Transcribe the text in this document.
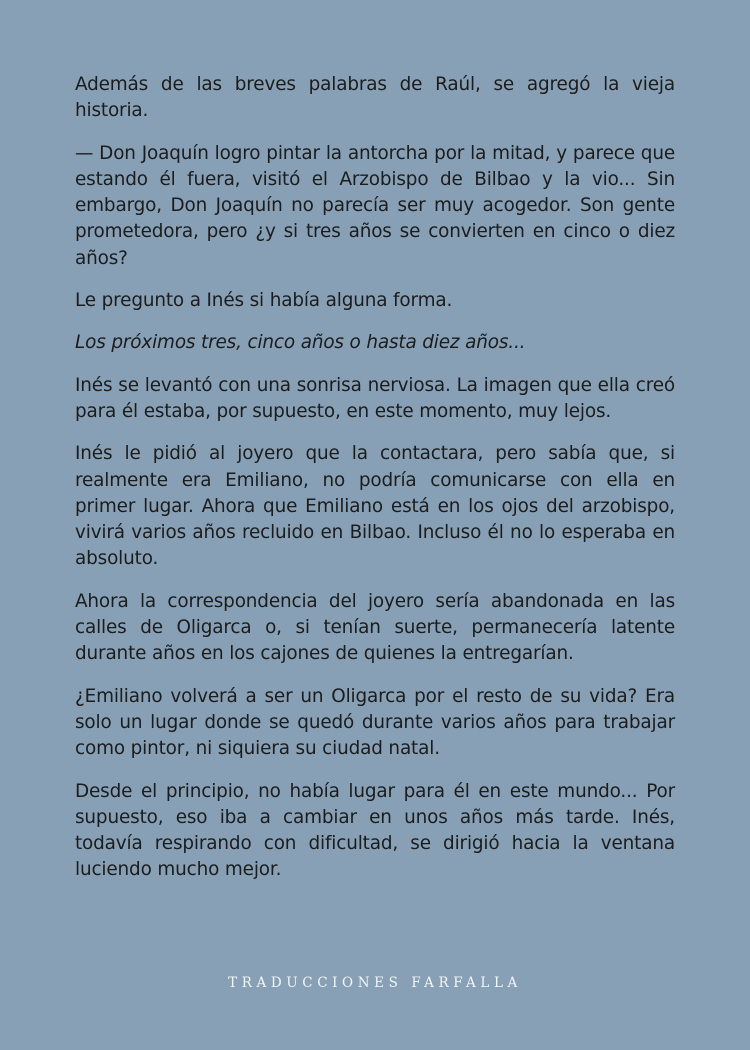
Además de las breves palabras de Raúl, se agregó la vieja historia.

— Don Joaquín logro pintar la antorcha por la mitad, y parece que estando él fuera, visitó el Arzobispo de Bilbao y la vio... Sin embargo, Don Joaquín no parecía ser muy acogedor. Son gente prometedora, pero ¿y si tres años se convierten en cinco o diez años?

Le pregunto a Inés si había alguna forma.

Los próximos tres, cinco años o hasta diez años...

Inés se levantó con una sonrisa nerviosa. La imagen que ella creó para él estaba, por supuesto, en este momento, muy lejos.

Inés le pidió al joyero que la contactara, pero sabía que, si realmente era Emiliano, no podría comunicarse con ella en primer lugar. Ahora que Emiliano está en los ojos del arzobispo, vivirá varios años recluido en Bilbao. Incluso él no lo esperaba en absoluto.

Ahora la correspondencia del joyero sería abandonada en las calles de Oligarca o, si tenían suerte, permanecería latente durante años en los cajones de quienes la entregarían.

¿Emiliano volverá a ser un Oligarca por el resto de su vida? Era solo un lugar donde se quedó durante varios años para trabajar como pintor, ni siquiera su ciudad natal.

Desde el principio, no había lugar para él en este mundo... Por supuesto, eso iba a cambiar en unos años más tarde. Inés, todavía respirando con dificultad, se dirigió hacia la ventana luciendo mucho mejor.

TRADUCCIONES FARFALLA
